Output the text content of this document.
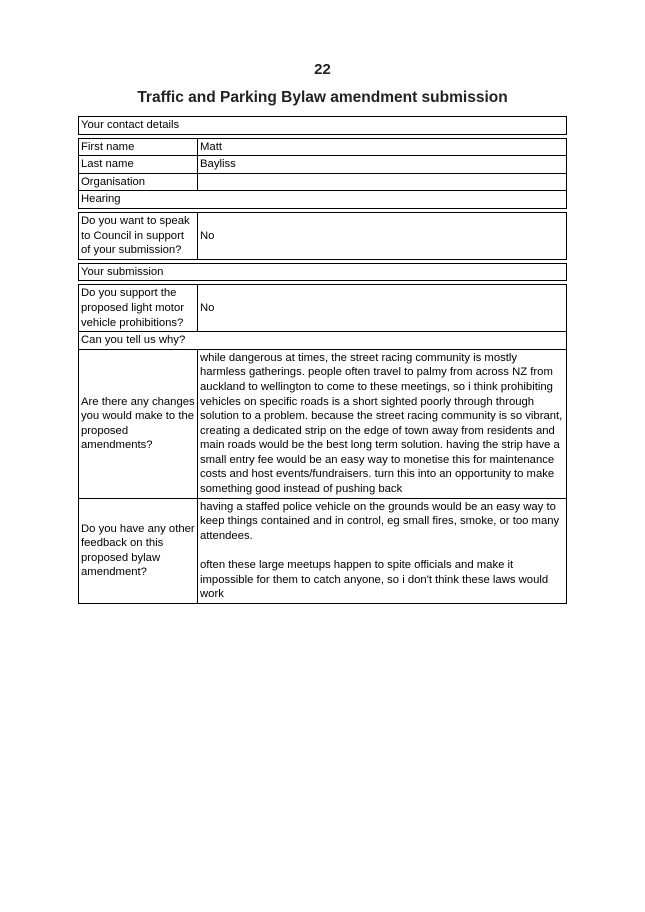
22
Traffic and Parking Bylaw amendment submission
Your contact details
First name	Matt
Last name	Bayliss
Organisation

Hearing
Do you want to speak to Council in support of your submission?
No
Your submission
Do you support the proposed light motor vehicle prohibitions?
No
Can you tell us why?
Are there any changes you would make to the proposed amendments?
while dangerous at times, the street racing community is mostly harmless gatherings. people often travel to palmy from across NZ from auckland to wellington to come to these meetings, so i think prohibiting vehicles on specific roads is a short sighted poorly through through solution to a problem. because the street racing community is so vibrant, creating a dedicated strip on the edge of town away from residents and main roads would be the best long term solution. having the strip have a small entry fee would be an easy way to monetise this for maintenance costs and host events/fundraisers. turn this into an opportunity to make something good instead of pushing back
Do you have any other feedback on this proposed bylaw amendment?

having a staffed police vehicle on the grounds would be an easy way to keep things contained and in control, eg small fires, smoke, or too many attendees.

often these large meetups happen to spite officials and make it impossible for them to catch anyone, so i don't think these laws would work
